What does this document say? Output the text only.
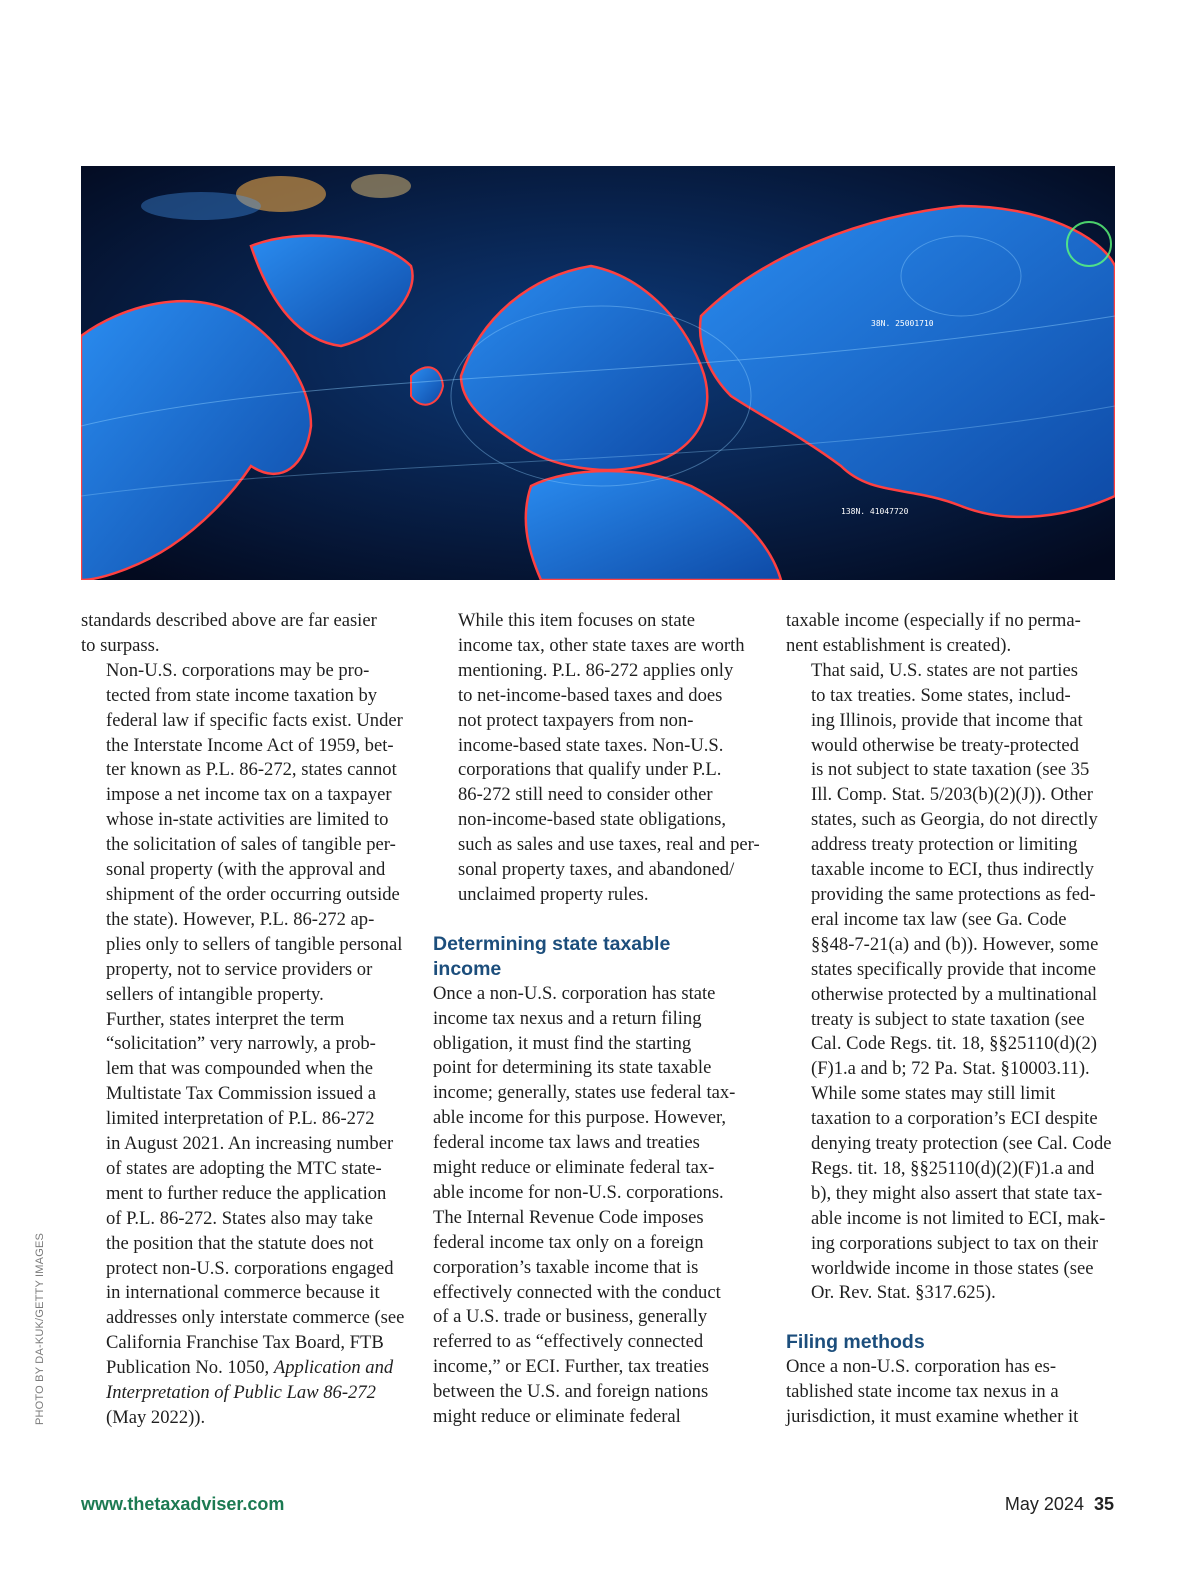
38N. 25001710
138N. 41047720
PHOTO BY DA-KUK/GETTY IMAGES

standards described above are far easier
to surpass.

Non-U.S. corporations may be pro-
tected from state income taxation by
federal law if specific facts exist. Under
the Interstate Income Act of 1959, bet-
ter known as P.L. 86-272, states cannot
impose a net income tax on a taxpayer
whose in-state activities are limited to
the solicitation of sales of tangible per-
sonal property (with the approval and
shipment of the order occurring outside
the state). However, P.L. 86-272 ap-
plies only to sellers of tangible personal
property, not to service providers or
sellers of intangible property.

Further, states interpret the term
“solicitation” very narrowly, a prob-
lem that was compounded when the
Multistate Tax Commission issued a
limited interpretation of P.L. 86-272
in August 2021. An increasing number
of states are adopting the MTC state-
ment to further reduce the application
of P.L. 86-272. States also may take
the position that the statute does not
protect non-U.S. corporations engaged
in international commerce because it
addresses only interstate commerce (see
California Franchise Tax Board, FTB
Publication No. 1050, Application and
Interpretation of Public Law 86-272
(May 2022)).

While this item focuses on state
income tax, other state taxes are worth
mentioning. P.L. 86-272 applies only
to net-income-based taxes and does
not protect taxpayers from non-
income-based state taxes. Non-U.S.
corporations that qualify under P.L.
86-272 still need to consider other
non-income-based state obligations,
such as sales and use taxes, real and per-
sonal property taxes, and abandoned/
unclaimed property rules.

Determining state taxable
income

Once a non-U.S. corporation has state
income tax nexus and a return filing
obligation, it must find the starting
point for determining its state taxable
income; generally, states use federal tax-
able income for this purpose. However,
federal income tax laws and treaties
might reduce or eliminate federal tax-
able income for non-U.S. corporations.
The Internal Revenue Code imposes
federal income tax only on a foreign
corporation’s taxable income that is
effectively connected with the conduct
of a U.S. trade or business, generally
referred to as “effectively connected
income,” or ECI. Further, tax treaties
between the U.S. and foreign nations
might reduce or eliminate federal

taxable income (especially if no perma-
nent establishment is created).

That said, U.S. states are not parties
to tax treaties. Some states, includ-
ing Illinois, provide that income that
would otherwise be treaty-protected
is not subject to state taxation (see 35
Ill. Comp. Stat. 5/203(b)(2)(J)). Other
states, such as Georgia, do not directly
address treaty protection or limiting
taxable income to ECI, thus indirectly
providing the same protections as fed-
eral income tax law (see Ga. Code
§§48-7-21(a) and (b)). However, some
states specifically provide that income
otherwise protected by a multinational
treaty is subject to state taxation (see
Cal. Code Regs. tit. 18, §§25110(d)(2)
(F)1.a and b; 72 Pa. Stat. §10003.11).
While some states may still limit
taxation to a corporation’s ECI despite
denying treaty protection (see Cal. Code
Regs. tit. 18, §§25110(d)(2)(F)1.a and
b), they might also assert that state tax-
able income is not limited to ECI, mak-
ing corporations subject to tax on their
worldwide income in those states (see
Or. Rev. Stat. §317.625).

Filing methods

Once a non-U.S. corporation has es-
tablished state income tax nexus in a
jurisdiction, it must examine whether it

www.thetaxadviser.com	May 2024 35
